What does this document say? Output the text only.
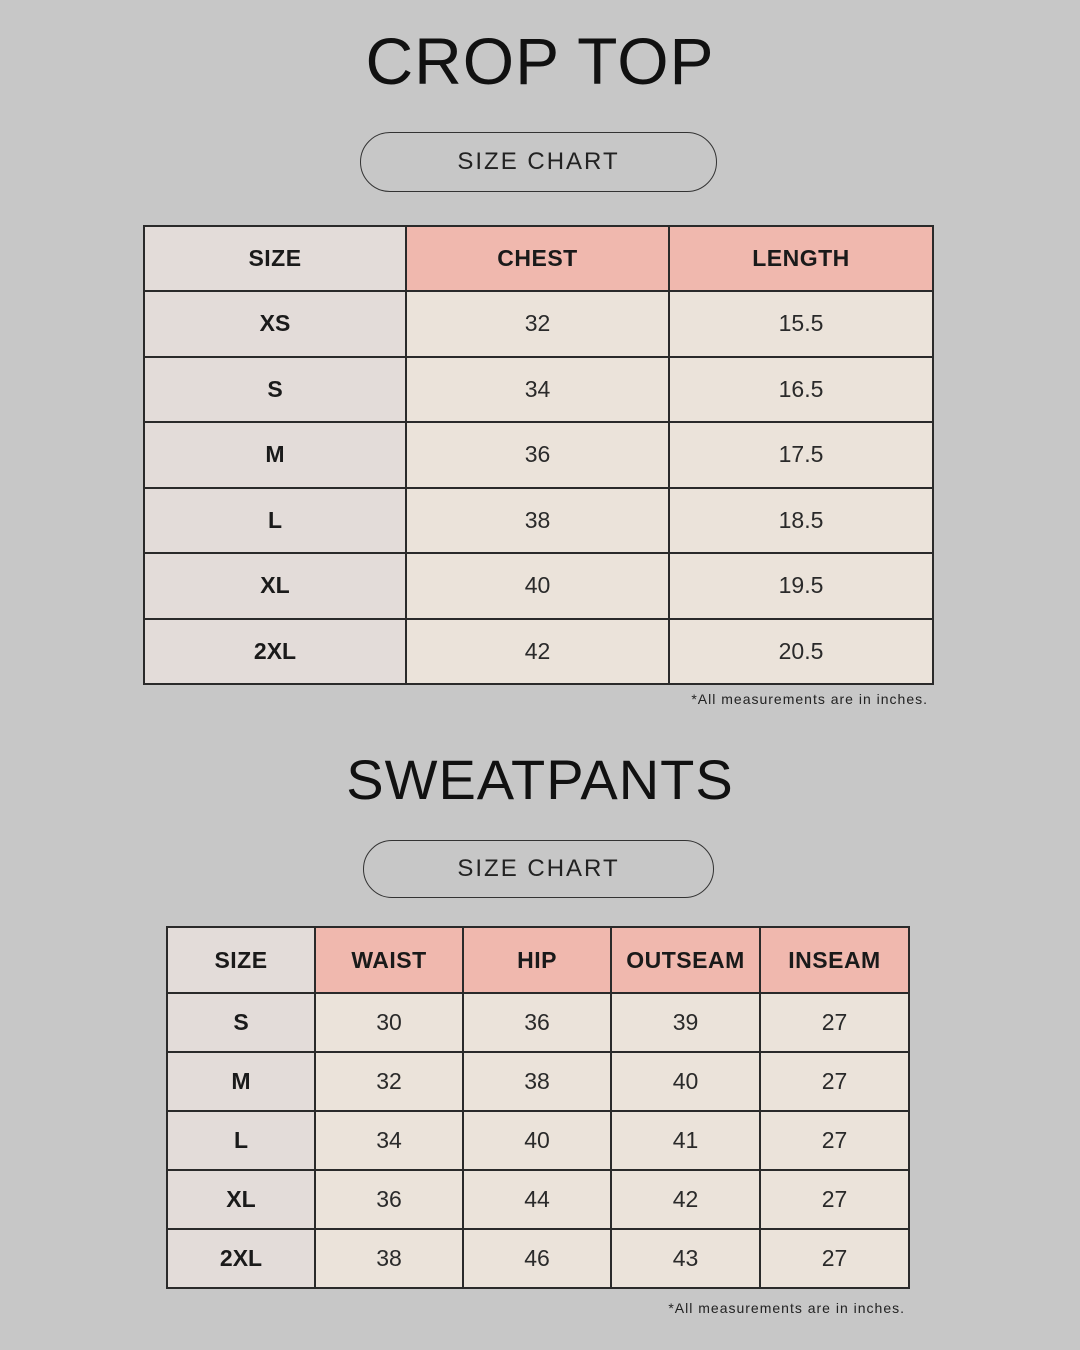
CROP TOP
SIZE CHART
SIZE	CHEST	LENGTH
XS	32	15.5
S	34	16.5
M	36	17.5
L	38	18.5
XL	40	19.5
2XL	42	20.5
*All measurements are in inches.
SWEATPANTS
SIZE CHART
SIZE	WAIST	HIP	OUTSEAM	INSEAM
S	30	36	39	27
M	32	38	40	27
L	34	40	41	27
XL	36	44	42	27
2XL	38	46	43	27
*All measurements are in inches.
